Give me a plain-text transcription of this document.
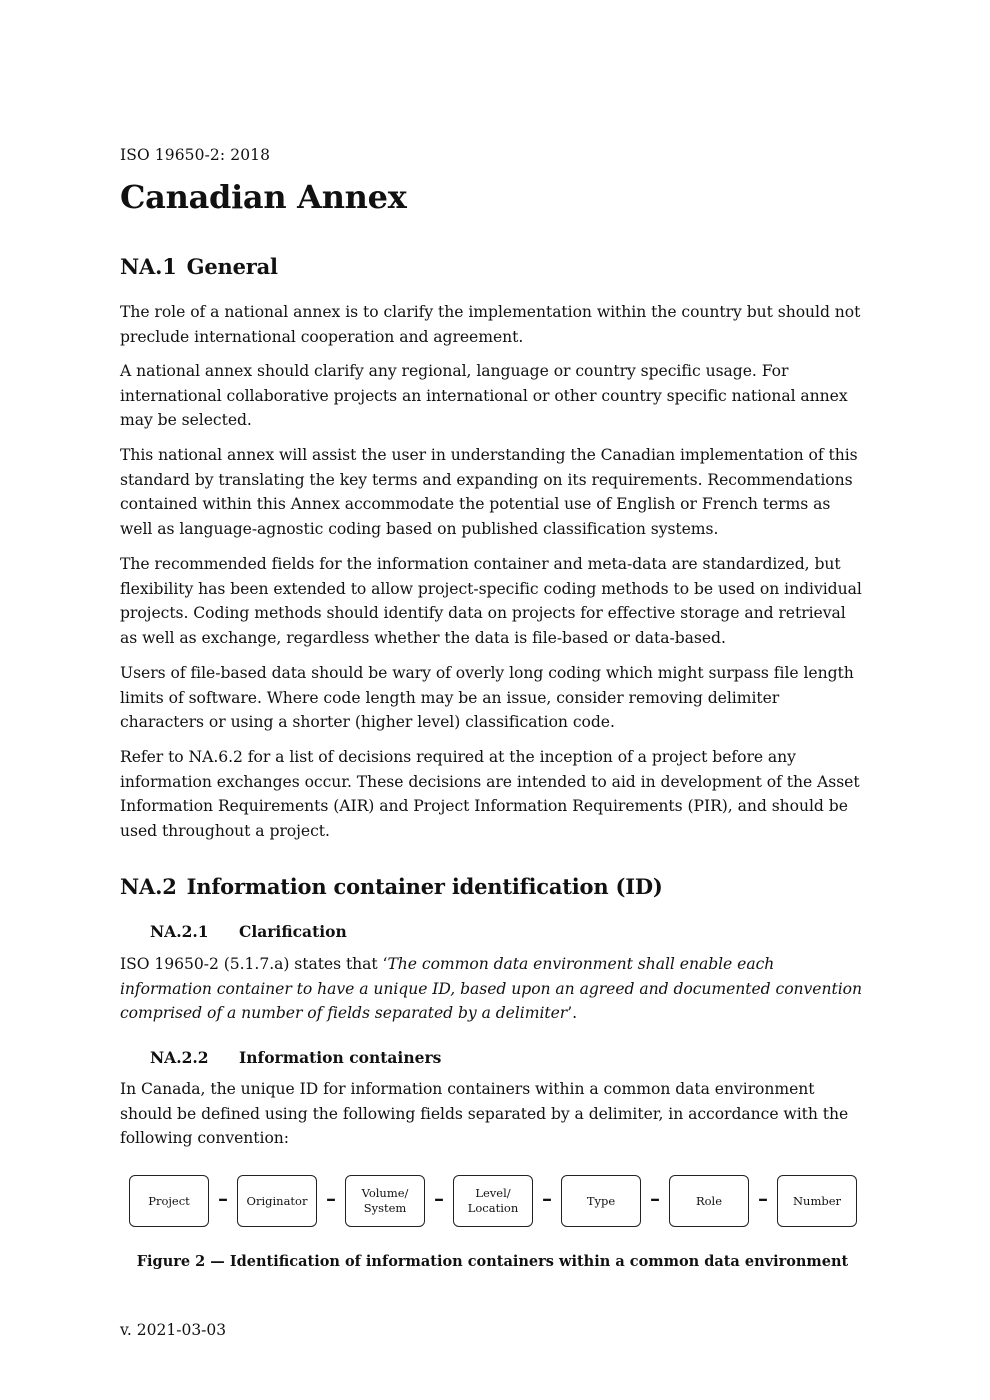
ISO 19650-2: 2018
Canadian Annex
NA.1 General

The role of a national annex is to clarify the implementation within the country but should not preclude international cooperation and agreement.

A national annex should clarify any regional, language or country specific usage. For international collaborative projects an international or other country specific national annex may be selected.

This national annex will assist the user in understanding the Canadian implementation of this standard by translating the key terms and expanding on its requirements. Recommendations contained within this Annex accommodate the potential use of English or French terms as well as language-agnostic coding based on published classification systems.

The recommended fields for the information container and meta-data are standardized, but flexibility has been extended to allow project-specific coding methods to be used on individual projects. Coding methods should identify data on projects for effective storage and retrieval as well as exchange, regardless whether the data is file-based or data-based.

Users of file-based data should be wary of overly long coding which might surpass file length limits of software. Where code length may be an issue, consider removing delimiter characters or using a shorter (higher level) classification code.

Refer to NA.6.2 for a list of decisions required at the inception of a project before any information exchanges occur. These decisions are intended to aid in development of the Asset Information Requirements (AIR) and Project Information Requirements (PIR), and should be used throughout a project.

NA.2 Information container identification (ID)
NA.2.1 Clarification

ISO 19650-2 (5.1.7.a) states that ‘The common data environment shall enable each information container to have a unique ID, based upon an agreed and documented convention comprised of a number of fields separated by a delimiter’.

NA.2.2 Information containers

In Canada, the unique ID for information containers within a common data environment should be defined using the following fields separated by a delimiter, in accordance with the following convention:

Project	–	Originator –	Volume/
System	–	Level/
Location	–	Type	–	Role	–	Number

Figure 2 — Identification of information containers within a common data environment

v. 2021-03-03
